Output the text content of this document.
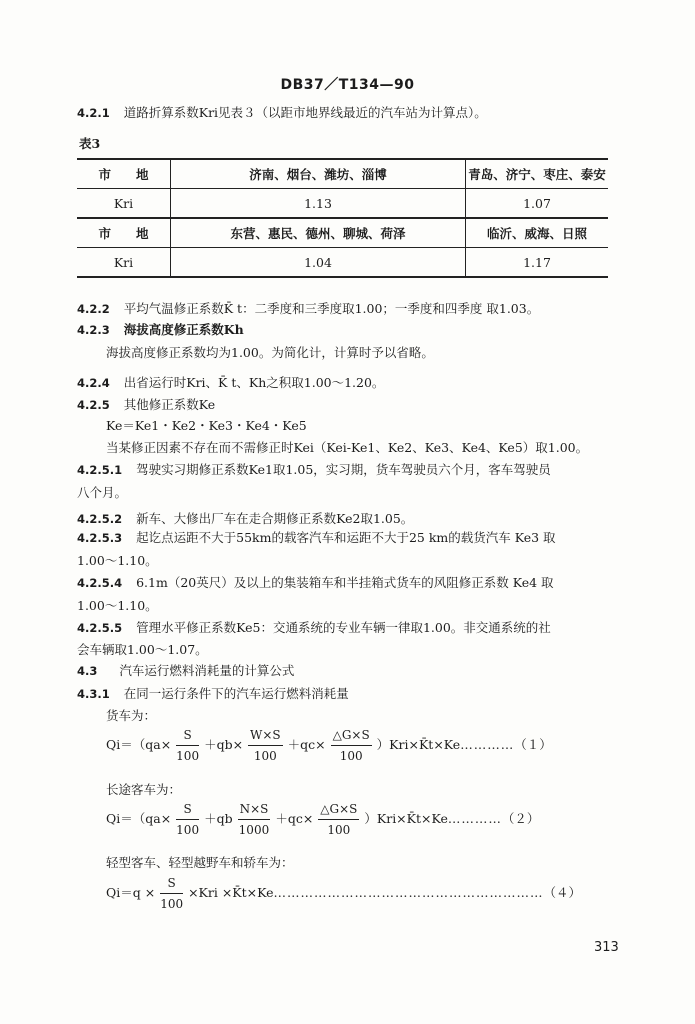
DB37／T134—90
4.2.1 道路折算系数Kri见表３（以距市地界线最近的汽车站为计算点）。
表3
市　　地	济南、烟台、潍坊、淄博	青岛、济宁、枣庄、泰安
Kri	1.13	1.07
市　　地	东营、惠民、德州、聊城、荷泽	临沂、威海、日照
Kri	1.04	1.17
4.2.2 平均气温修正系数K̄ t：二季度和三季度取1.00；一季度和四季度 取1.03。
4.2.3 海拔高度修正系数Kh
海拔高度修正系数均为1.00。为简化计，计算时予以省略。
4.2.4 出省运行时Kri、K̄ t、Kh之积取1.00～1.20。
4.2.5 其他修正系数Ke
Ke＝Ke1・Ke2・Ke3・Ke4・Ke5
当某修正因素不存在而不需修正时Kei（Kei-Ke1、Ke2、Ke3、Ke4、Ke5）取1.00。
4.2.5.1 驾驶实习期修正系数Ke1取1.05，实习期，货车驾驶员六个月，客车驾驶员
八个月。
4.2.5.2 新车、大修出厂车在走合期修正系数Ke2取1.05。
4.2.5.3 起讫点运距不大于55km的载客汽车和运距不大于25 km的载货汽车 Ke3 取
1.00～1.10。
4.2.5.4 6.1m（20英尺）及以上的集装箱车和半挂箱式货车的风阻修正系数 Ke4 取
1.00～1.10。
4.2.5.5 管理水平修正系数Ke5：交通系统的专业车辆一律取1.00。非交通系统的社
会车辆取1.00～1.07。
4.3 汽车运行燃料消耗量的计算公式
4.3.1 在同一运行条件下的汽车运行燃料消耗量
货车为：
$Qi=(qa\times \frac{S}{100} +qb\times \frac{W\times S}{100} +qc\times \frac{\triangle G\times S}{100}$ ）Kri×K̄t×Ke…………（１）
长途客车为：
$Qi=(qa\times \frac{S}{100} +qb \frac{N\times S}{1000} +qc\times \frac{\triangle G\times S}{100}$ ）Kri×K̄t×Ke…………（２）
轻型客车、轻型越野车和轿车为：
$Qi=q \times \frac{S}{100} \times Kri$ ×K̄t×Ke……………………………………………………（４）
313
